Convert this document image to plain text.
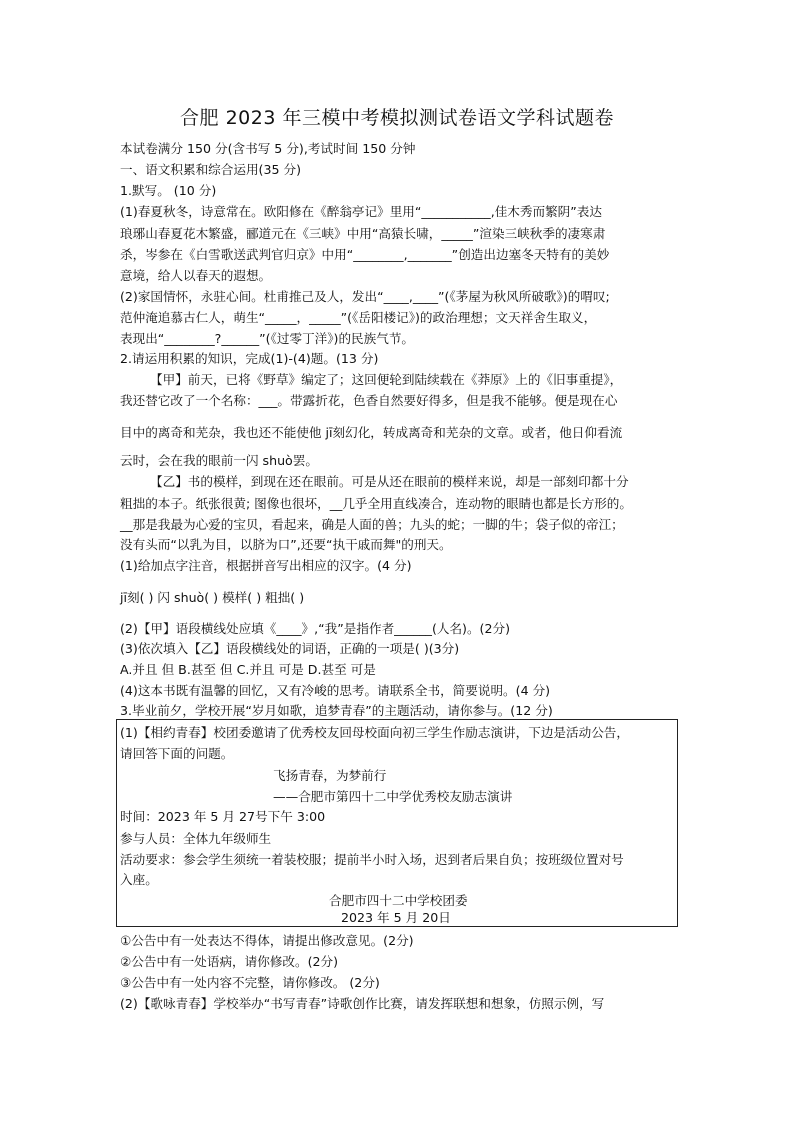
合肥 2023 年三模中考模拟测试卷语文学科试题卷
本试卷满分 150 分(含书写 5 分),考试时间 150 分钟
一、语文积累和综合运用(35 分)
1.默写。 (10 分)
(1)春夏秋冬，诗意常在。欧阳修在《醉翁亭记》里用“___________,佳木秀而繁阴”表达
琅琊山春夏花木繁盛，郦道元在《三峡》中用“高猿长啸，_____”渲染三峡秋季的凄寒肃
杀，岑参在《白雪歌送武判官归京》中用“________,_______”创造出边塞冬天特有的美妙
意境，给人以春天的遐想。
(2)家国情怀，永驻心间。杜甫推己及人，发出“____,____”(《茅屋为秋风所破歌》)的喟叹;
范仲淹追慕古仁人，萌生“_____，_____”(《岳阳楼记》)的政治理想；文天祥舍生取义，
表现出“________?______”(《过零丁洋》)的民族气节。
2.请运用积累的知识，完成(1)-(4)题。(13 分)
【甲】前天，已将《野草》编定了；这回便轮到陆续载在《莽原》上的《旧事重提》，
我还替它改了一个名称：___。带露折花，色香自然要好得多，但是我不能够。便是现在心
目中的离奇和芜杂，我也还不能使他 jī刻幻化，转成离奇和芜杂的文章。或者，他日仰看流
云时，会在我的眼前一闪 shuò罢。
【乙】书的模样，到现在还在眼前。可是从还在眼前的模样来说，却是一部刻印都十分
粗拙的本子。纸张很黄; 图像也很坏，__几乎全用直线凑合，连动物的眼睛也都是长方形的。
__那是我最为心爱的宝贝，看起来，确是人面的兽；九头的蛇；一脚的牛；袋子似的帝江；
没有头而“以乳为目，以脐为口”,还要“执干戚而舞"的刑天。
(1)给加点字注音，根据拼音写出相应的汉字。(4 分)
jī刻( ) 闪 shuò( ) 模样( ) 粗拙( )
(2)【甲】语段横线处应填《____》,“我”是指作者______(人名)。(2分)
(3)依次填入【乙】语段横线处的词语，正确的一项是( )(3分)
A.并且 但 B.甚至 但 C.并且 可是 D.甚至 可是
(4)这本书既有温馨的回忆，又有冷峻的思考。请联系全书，简要说明。(4 分)
3.毕业前夕，学校开展“岁月如歌，追梦青春”的主题活动，请你参与。(12 分)
(1)【相约青春】校团委邀请了优秀校友回母校面向初三学生作励志演讲，下边是活动公告，
请回答下面的问题。
飞扬青春，为梦前行
——合肥市第四十二中学优秀校友励志演讲
时间：2023 年 5 月 27号下午 3:00
参与人员：全体九年级师生
活动要求：参会学生须统一着装校服；提前半小时入场，迟到者后果自负；按班级位置对号
入座。
合肥市四十二中学校团委
2023 年 5 月 20日
①公告中有一处表达不得体，请提出修改意见。(2分)
②公告中有一处语病，请你修改。(2分)
③公告中有一处内容不完整，请你修改。 (2分)
(2)【歌咏青春】学校举办“书写青春”诗歌创作比赛，请发挥联想和想象，仿照示例，写
